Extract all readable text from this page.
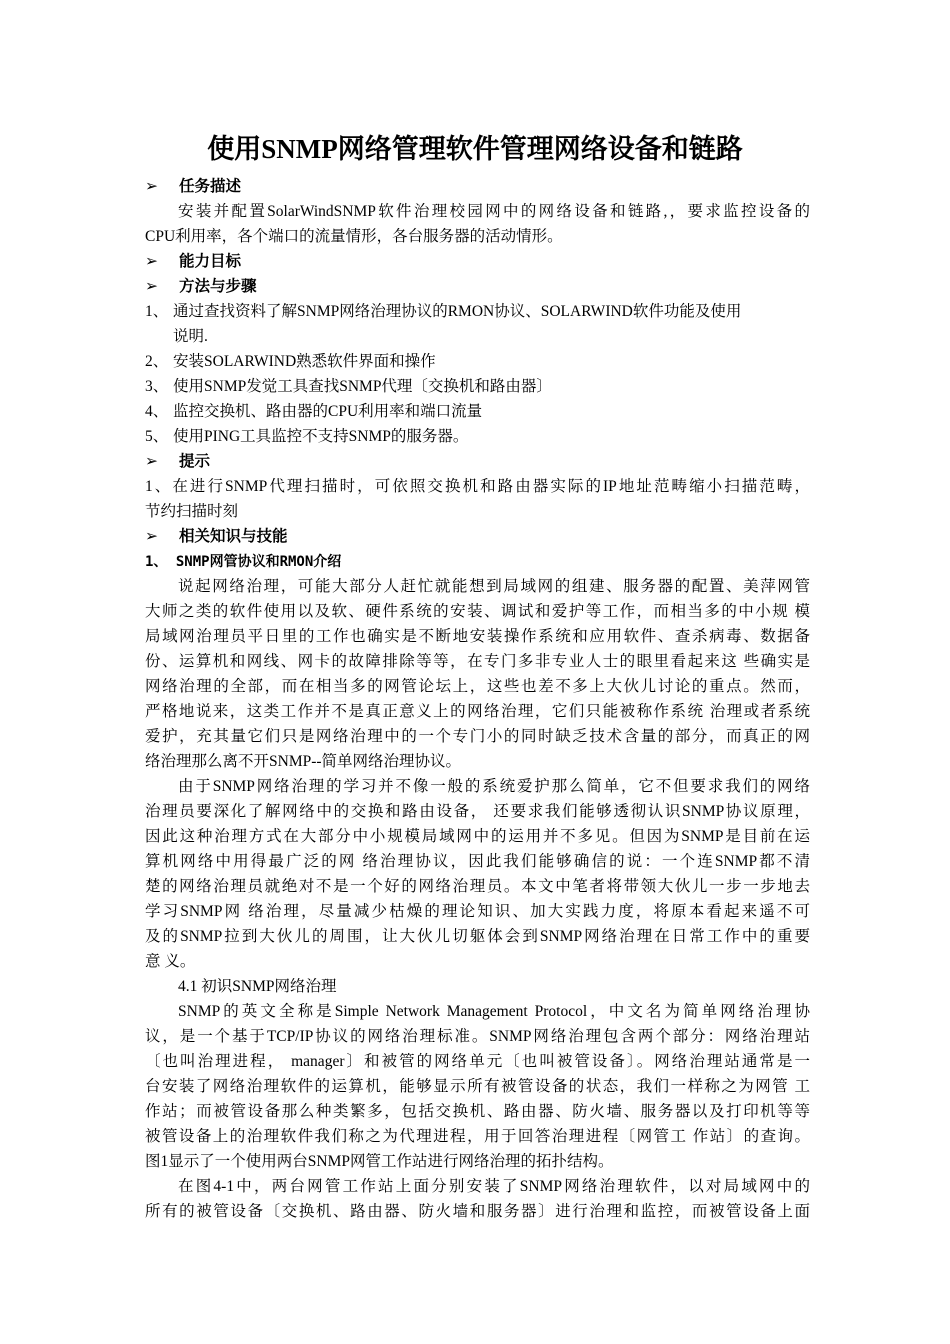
使用SNMP网络管理软件管理网络设备和链路
➢ 任务描述
安装并配置SolarWindSNMP软件治理校园网中的网络设备和链路,，要求监控设备的
CPU利用率，各个端口的流量情形，各台服务器的活动情形。
➢ 能力目标
➢ 方法与步骤
1、 通过查找资料了解SNMP网络治理协议的RMON协议、SOLARWIND软件功能及使用
说明.
2、 安装SOLARWIND熟悉软件界面和操作
3、 使用SNMP发觉工具查找SNMP代理〔交换机和路由器〕
4、 监控交换机、路由器的CPU利用率和端口流量
5、 使用PING工具监控不支持SNMP的服务器。
➢ 提示
1、在进行SNMP代理扫描时，可依照交换机和路由器实际的IP地址范畴缩小扫描范畴，
节约扫描时刻
➢ 相关知识与技能
1、 SNMP网管协议和RMON介绍
说起网络治理，可能大部分人赶忙就能想到局域网的组建、服务器的配置、美萍网管
大师之类的软件使用以及软、硬件系统的安装、调试和爱护等工作，而相当多的中小规 模
局域网治理员平日里的工作也确实是不断地安装操作系统和应用软件、查杀病毒、数据备
份、运算机和网线、网卡的故障排除等等，在专门多非专业人士的眼里看起来这 些确实是
网络治理的全部，而在相当多的网管论坛上，这些也差不多上大伙儿讨论的重点。然而，
严格地说来，这类工作并不是真正意义上的网络治理，它们只能被称作系统 治理或者系统
爱护，充其量它们只是网络治理中的一个专门小的同时缺乏技术含量的部分，而真正的网
络治理那么离不开SNMP--简单网络治理协议。
由于SNMP网络治理的学习并不像一般的系统爱护那么简单，它不但要求我们的网络
治理员要深化了解网络中的交换和路由设备， 还要求我们能够透彻认识SNMP协议原理，
因此这种治理方式在大部分中小规模局域网中的运用并不多见。但因为SNMP是目前在运
算机网络中用得最广泛的网 络治理协议，因此我们能够确信的说：一个连SNMP都不清
楚的网络治理员就绝对不是一个好的网络治理员。本文中笔者将带领大伙儿一步一步地去
学习SNMP网 络治理，尽量减少枯燥的理论知识、加大实践力度，将原本看起来遥不可
及的SNMP拉到大伙儿的周围，让大伙儿切躯体会到SNMP网络治理在日常工作中的重要
意 义。
4.1 初识SNMP网络治理
SNMP的英文全称是Simple Network Management Protocol，中文名为简单网络治理协
议，是一个基于TCP/IP协议的网络治理标准。SNMP网络治理包含两个部分：网络治理站
〔也叫治理进程， manager〕和被管的网络单元〔也叫被管设备〕。网络治理站通常是一
台安装了网络治理软件的运算机，能够显示所有被管设备的状态，我们一样称之为网管 工
作站；而被管设备那么种类繁多，包括交换机、路由器、防火墙、服务器以及打印机等等
被管设备上的治理软件我们称之为代理进程，用于回答治理进程〔网管工 作站〕的查询。
图1显示了一个使用两台SNMP网管工作站进行网络治理的拓扑结构。
在图4-1中，两台网管工作站上面分别安装了SNMP网络治理软件，以对局域网中的
所有的被管设备〔交换机、路由器、防火墙和服务器〕进行治理和监控，而被管设备上面
